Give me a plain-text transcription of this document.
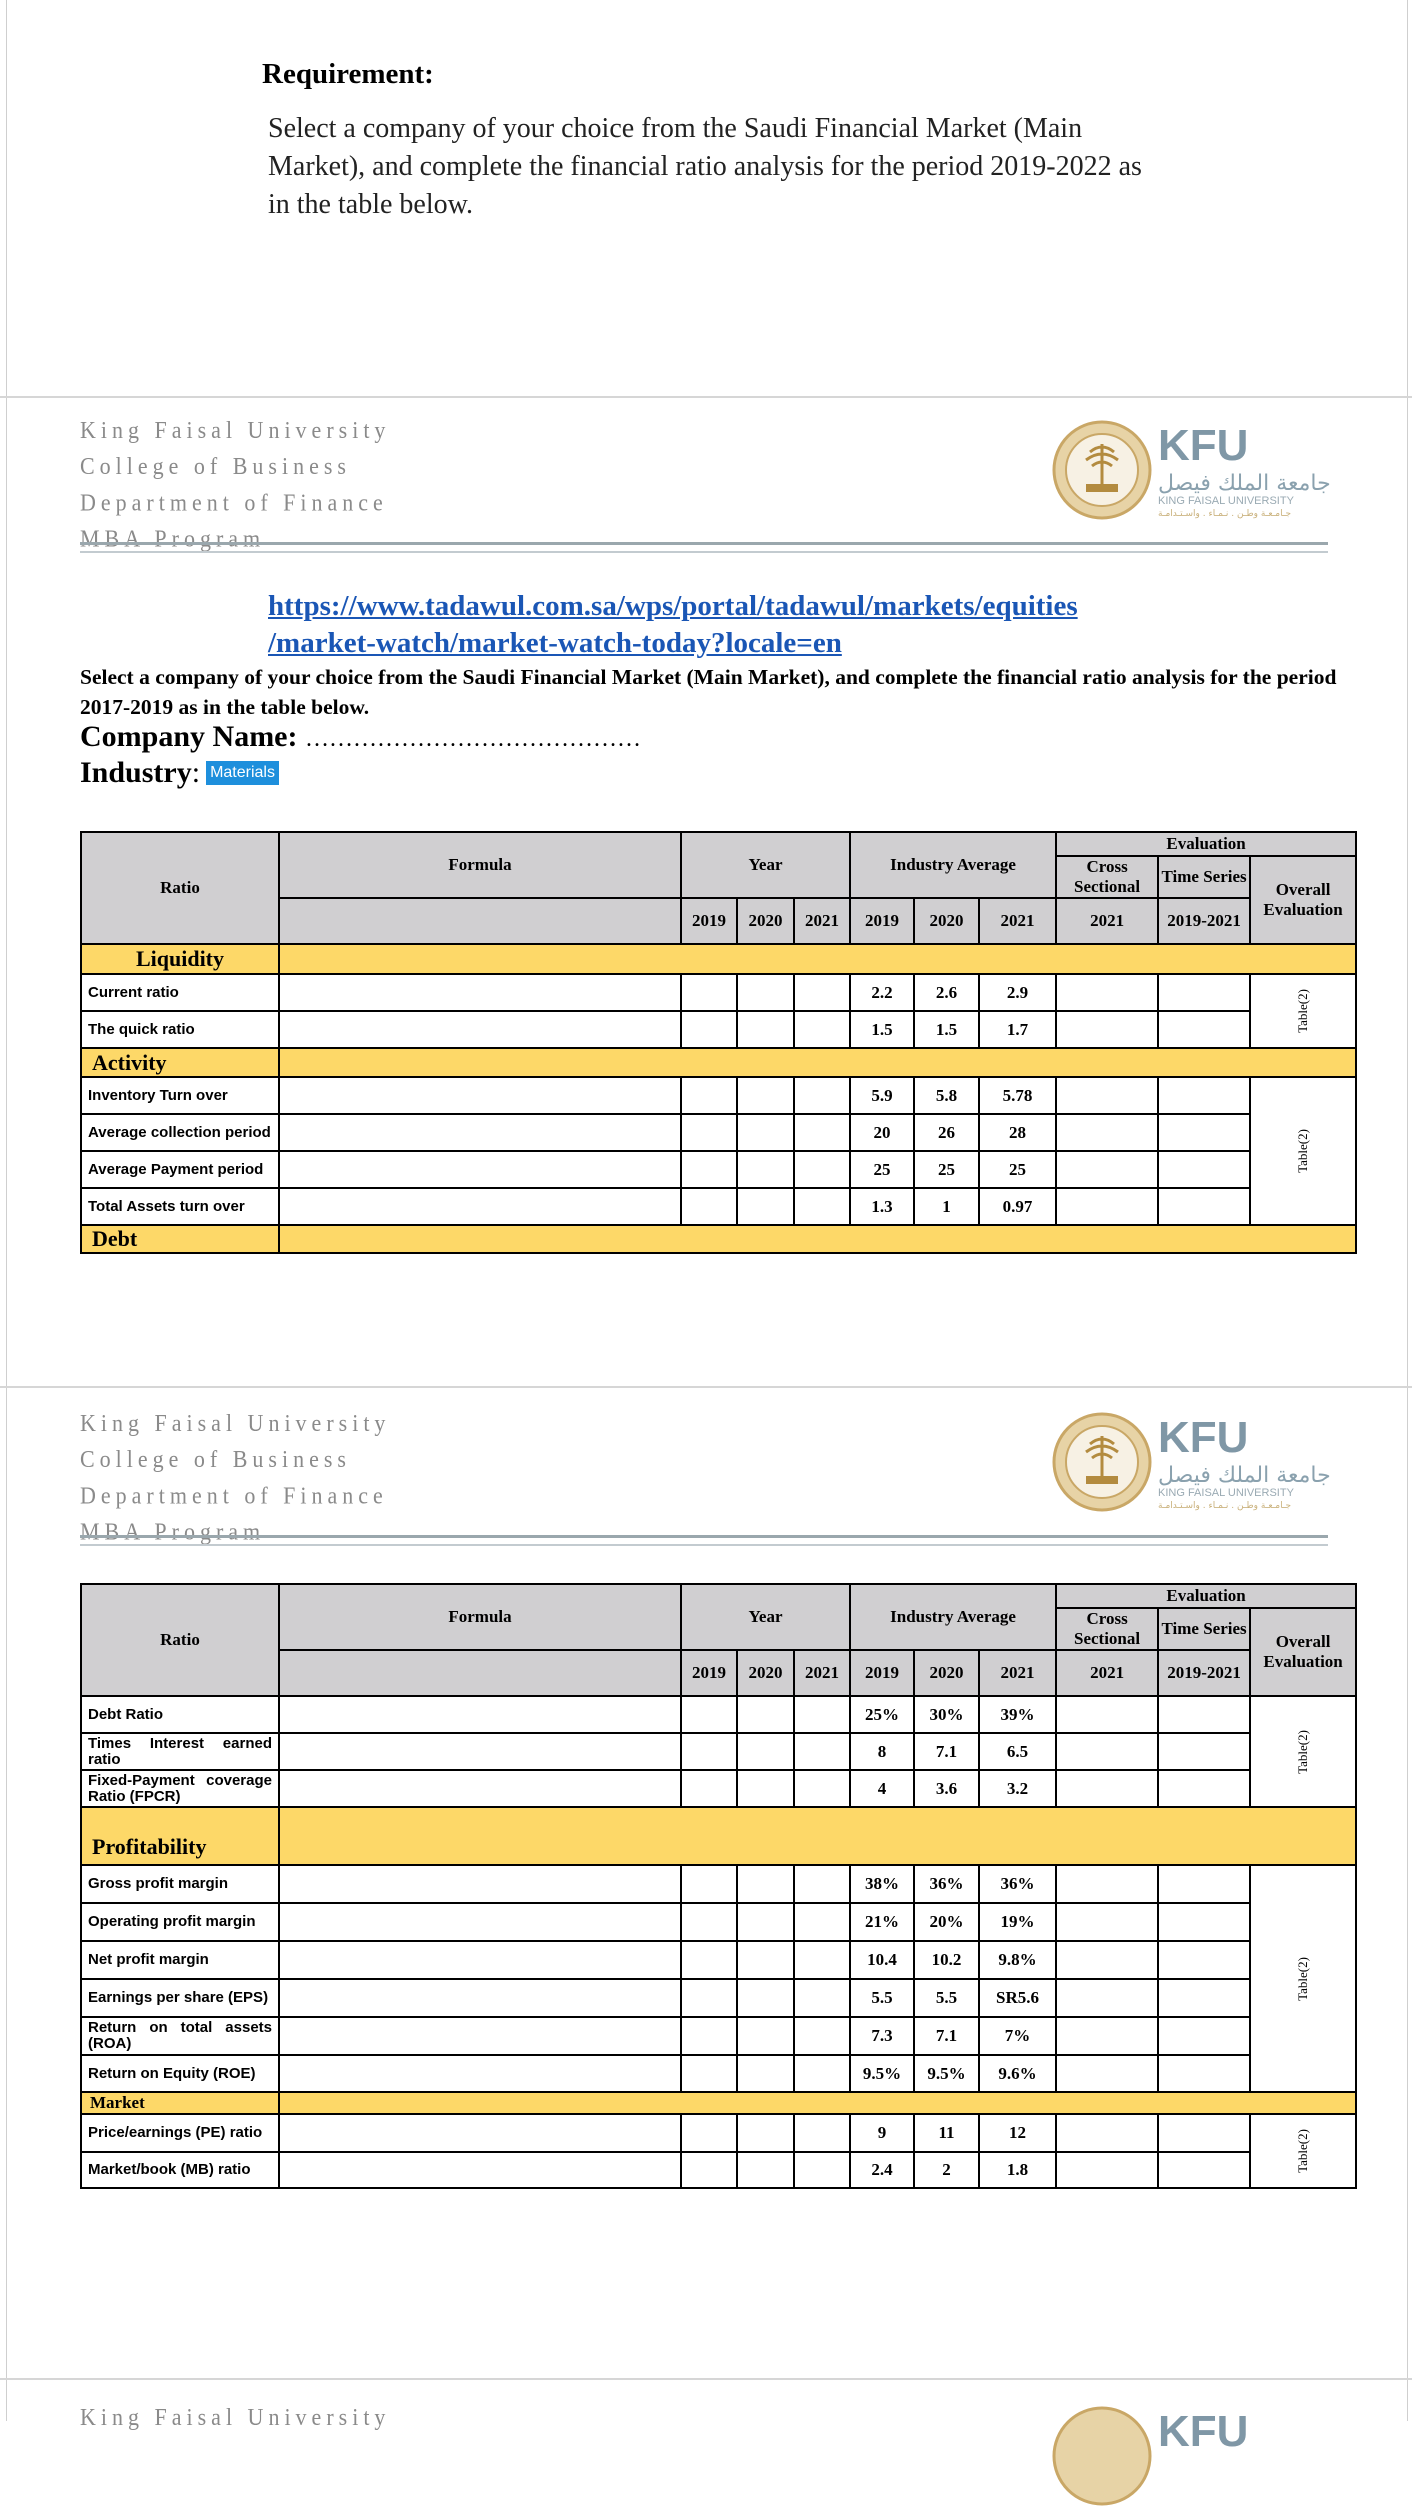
Requirement:
Select a company of your choice from the Saudi Financial Market (Main Market), and complete the financial ratio analysis for the period 2019-2022 as in the table below.
King Faisal University
College of Business
Department of Finance
MBA Program
KFU
جامعة الملك فيصل
KING FAISAL UNIVERSITY
جـامـعـة وطـن . نـمـاء . واسـتـدامـة
https://www.tadawul.com.sa/wps/portal/tadawul/markets/equities
/market-watch/market-watch-today?locale=en
Select a company of your choice from the Saudi Financial Market (Main Market), and complete the financial ratio analysis for the period 2017-2019 as in the table below.
Company Name: ……………………………………
Industry : Materials
Ratio	Formula	Year			Industry Average			Evaluation		
								Cross Sectional	Time Series	Overall Evaluation
		2019	2020	2021	2019	2020	2021	2021	2019-2021	
Liquidity										
Current ratio					2.2	2.6	2.9			Table(2)
The quick ratio					1.5	1.5	1.7			
Activity										
Inventory Turn over					5.9	5.8	5.78			Table(2)
Average collection period					20	26	28			
Average Payment period					25	25	25			
Total Assets turn over					1.3	1	0.97			
Debt										
King Faisal University
College of Business
Department of Finance
MBA Program
KFU
جامعة الملك فيصل
KING FAISAL UNIVERSITY
جـامـعـة وطـن . نـمـاء . واسـتـدامـة
Ratio	Formula	Year			Industry Average			Evaluation		
								Cross Sectional	Time Series	Overall Evaluation
		2019	2020	2021	2019	2020	2021	2021	2019-2021	
Debt Ratio					25%	30%	39%			Table(2)
Times Interest earned ratio					8	7.1	6.5			
Fixed-Payment coverage Ratio (FPCR)					4	3.6	3.2			
Profitability										
Gross profit margin					38%	36%	36%			Table(2)
Operating profit margin					21%	20%	19%			
Net profit margin					10.4	10.2	9.8%			
Earnings per share (EPS)					5.5	5.5	SR5.6			
Return on total assets (ROA)					7.3	7.1	7%			
Return on Equity (ROE)					9.5%	9.5%	9.6%			
Market										
Price/earnings (PE) ratio					9	11	12			Table(2)
Market/book (MB) ratio					2.4	2	1.8			
King Faisal University	KFU
